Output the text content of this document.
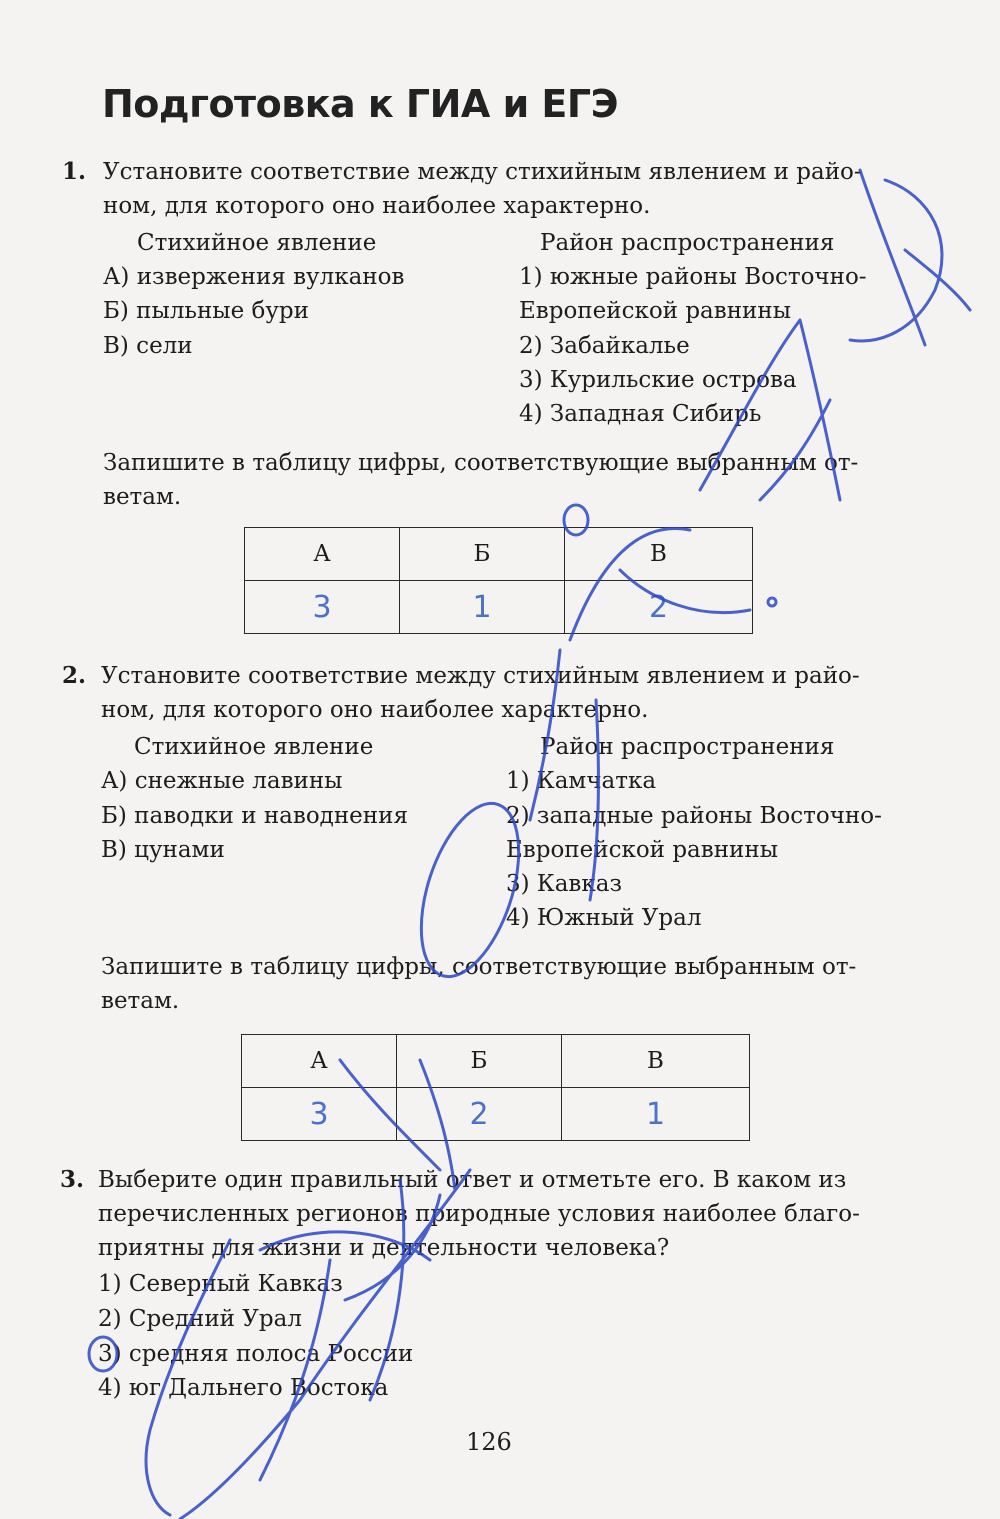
Подготовка к ГИА и ЕГЭ
1. Установите соответствие между стихийным явлением и райо-
ном, для которого оно наиболее характерно.
Стихийное явление	Район распространения
А) извержения вулканов
Б) пыльные бури
В) сели
1) южные районы Восточно-
Европейской равнины
2) Забайкалье
3) Курильские острова
4) Западная Сибирь
Запишите в таблицу цифры, соответствующие выбранным от-
ветам.
А	Б	В
3	1	2
2. Установите соответствие между стихийным явлением и райо-
ном, для которого оно наиболее характерно.
Стихийное явление	Район распространения
А) снежные лавины
Б) паводки и наводнения
В) цунами
1) Камчатка
2) западные районы Восточно-
Европейской равнины
3) Кавказ
4) Южный Урал
Запишите в таблицу цифры, соответствующие выбранным от-
ветам.
А	Б	В
3	2	1
3. Выберите один правильный ответ и отметьте его. В каком из
перечисленных регионов природные условия наиболее благо-
приятны для жизни и деятельности человека?
1) Северный Кавказ
2) Средний Урал
3) средняя полоса России
4) юг Дальнего Востока
126
